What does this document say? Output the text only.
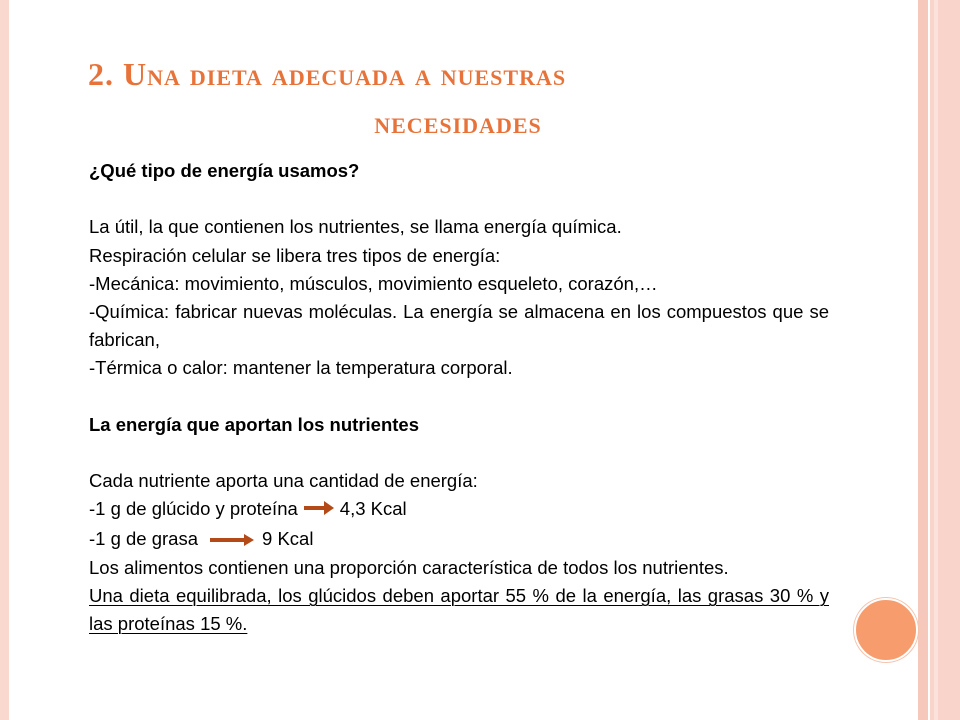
2. Una dieta adecuada a nuestras
necesidades

¿Qué tipo de energía usamos?

La útil, la que contienen los nutrientes, se llama energía química.

Respiración celular se libera tres tipos de energía:

-Mecánica: movimiento, músculos, movimiento esqueleto, corazón,…

-Química: fabricar nuevas moléculas. La energía se almacena en los compuestos que se fabrican,

-Térmica o calor: mantener la temperatura corporal.

La energía que aportan los nutrientes

Cada nutriente aporta una cantidad de energía:

-1 g de glúcido y proteína 4,3 Kcal

-1 g de grasa	9 Kcal

Los alimentos contienen una proporción característica de todos los nutrientes.

Una dieta equilibrada, los glúcidos deben aportar 55 % de la energía, las grasas 30 % y las proteínas 15 %.
